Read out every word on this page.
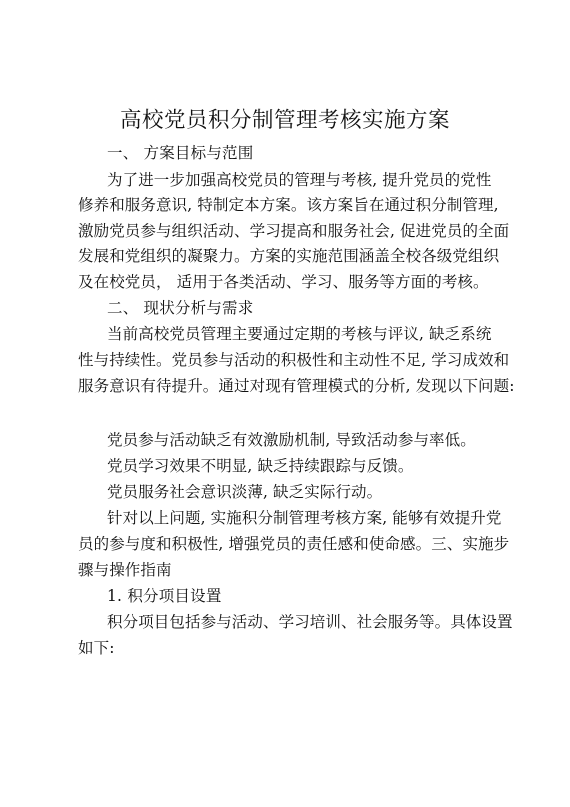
高校党员积分制管理考核实施方案
一、 方案目标与范围
为了进一步加强高校党员的管理与考核, 提升党员的党性
修养和服务意识, 特制定本方案。该方案旨在通过积分制管理,
激励党员参与组织活动、学习提高和服务社会, 促进党员的全面
发展和党组织的凝聚力。方案的实施范围涵盖全校各级党组织
及在校党员， 适用于各类活动、学习、服务等方面的考核。
二、 现状分析与需求
当前高校党员管理主要通过定期的考核与评议, 缺乏系统
性与持续性。党员参与活动的积极性和主动性不足, 学习成效和
服务意识有待提升。通过对现有管理模式的分析, 发现以下问题:
党员参与活动缺乏有效激励机制, 导致活动参与率低。
党员学习效果不明显, 缺乏持续跟踪与反馈。
党员服务社会意识淡薄, 缺乏实际行动。
针对以上问题, 实施积分制管理考核方案, 能够有效提升党
员的参与度和积极性, 增强党员的责任感和使命感。三、实施步
骤与操作指南
1. 积分项目设置
积分项目包括参与活动、学习培训、社会服务等。具体设置
如下:
